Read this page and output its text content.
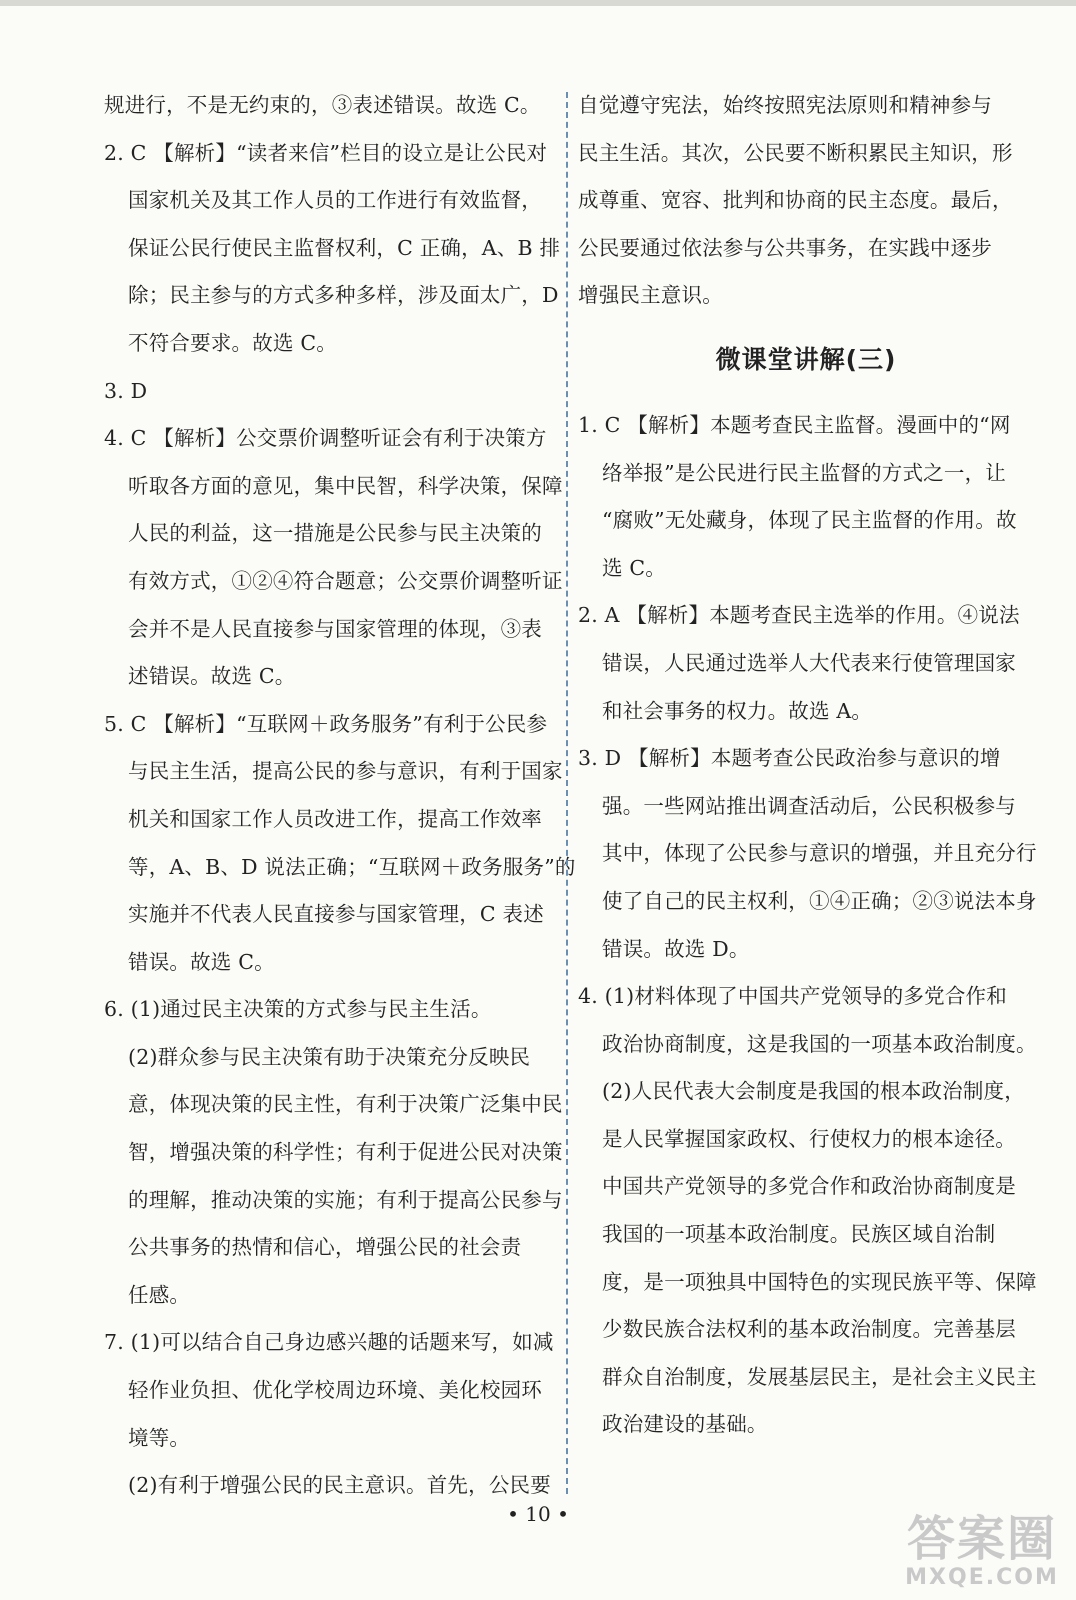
规进行，不是无约束的，③表述错误。故选 C。

2. C 【解析】“读者来信”栏目的设立是让公民对

国家机关及其工作人员的工作进行有效监督，

保证公民行使民主监督权利，C 正确，A、B 排

除；民主参与的方式多种多样，涉及面太广，D

不符合要求。故选 C。

3. D

4. C 【解析】公交票价调整听证会有利于决策方

听取各方面的意见，集中民智，科学决策，保障

人民的利益，这一措施是公民参与民主决策的

有效方式，①②④符合题意；公交票价调整听证

会并不是人民直接参与国家管理的体现，③表

述错误。故选 C。

5. C 【解析】“互联网＋政务服务”有利于公民参

与民主生活，提高公民的参与意识，有利于国家

机关和国家工作人员改进工作，提高工作效率

等，A、B、D 说法正确；“互联网＋政务服务”的

实施并不代表人民直接参与国家管理，C 表述

错误。故选 C。

6. (1)通过民主决策的方式参与民主生活。

(2)群众参与民主决策有助于决策充分反映民

意，体现决策的民主性，有利于决策广泛集中民

智，增强决策的科学性；有利于促进公民对决策

的理解，推动决策的实施；有利于提高公民参与

公共事务的热情和信心，增强公民的社会责

任感。

7. (1)可以结合自己身边感兴趣的话题来写，如减

轻作业负担、优化学校周边环境、美化校园环

境等。

(2)有利于增强公民的民主意识。首先，公民要

自觉遵守宪法，始终按照宪法原则和精神参与

民主生活。其次，公民要不断积累民主知识，形

成尊重、宽容、批判和协商的民主态度。最后，

公民要通过依法参与公共事务，在实践中逐步

增强民主意识。

微课堂讲解(三)

1. C 【解析】本题考查民主监督。漫画中的“网

络举报”是公民进行民主监督的方式之一，让

“腐败”无处藏身，体现了民主监督的作用。故

选 C。

2. A 【解析】本题考查民主选举的作用。④说法

错误，人民通过选举人大代表来行使管理国家

和社会事务的权力。故选 A。

3. D 【解析】本题考查公民政治参与意识的增

强。一些网站推出调查活动后，公民积极参与

其中，体现了公民参与意识的增强，并且充分行

使了自己的民主权利，①④正确；②③说法本身

错误。故选 D。

4. (1)材料体现了中国共产党领导的多党合作和

政治协商制度，这是我国的一项基本政治制度。

(2)人民代表大会制度是我国的根本政治制度，

是人民掌握国家政权、行使权力的根本途径。

中国共产党领导的多党合作和政治协商制度是

我国的一项基本政治制度。民族区域自治制

度，是一项独具中国特色的实现民族平等、保障

少数民族合法权利的基本政治制度。完善基层

群众自治制度，发展基层民主，是社会主义民主

政治建设的基础。

• 10 •	答案圈
MXQE.COM
